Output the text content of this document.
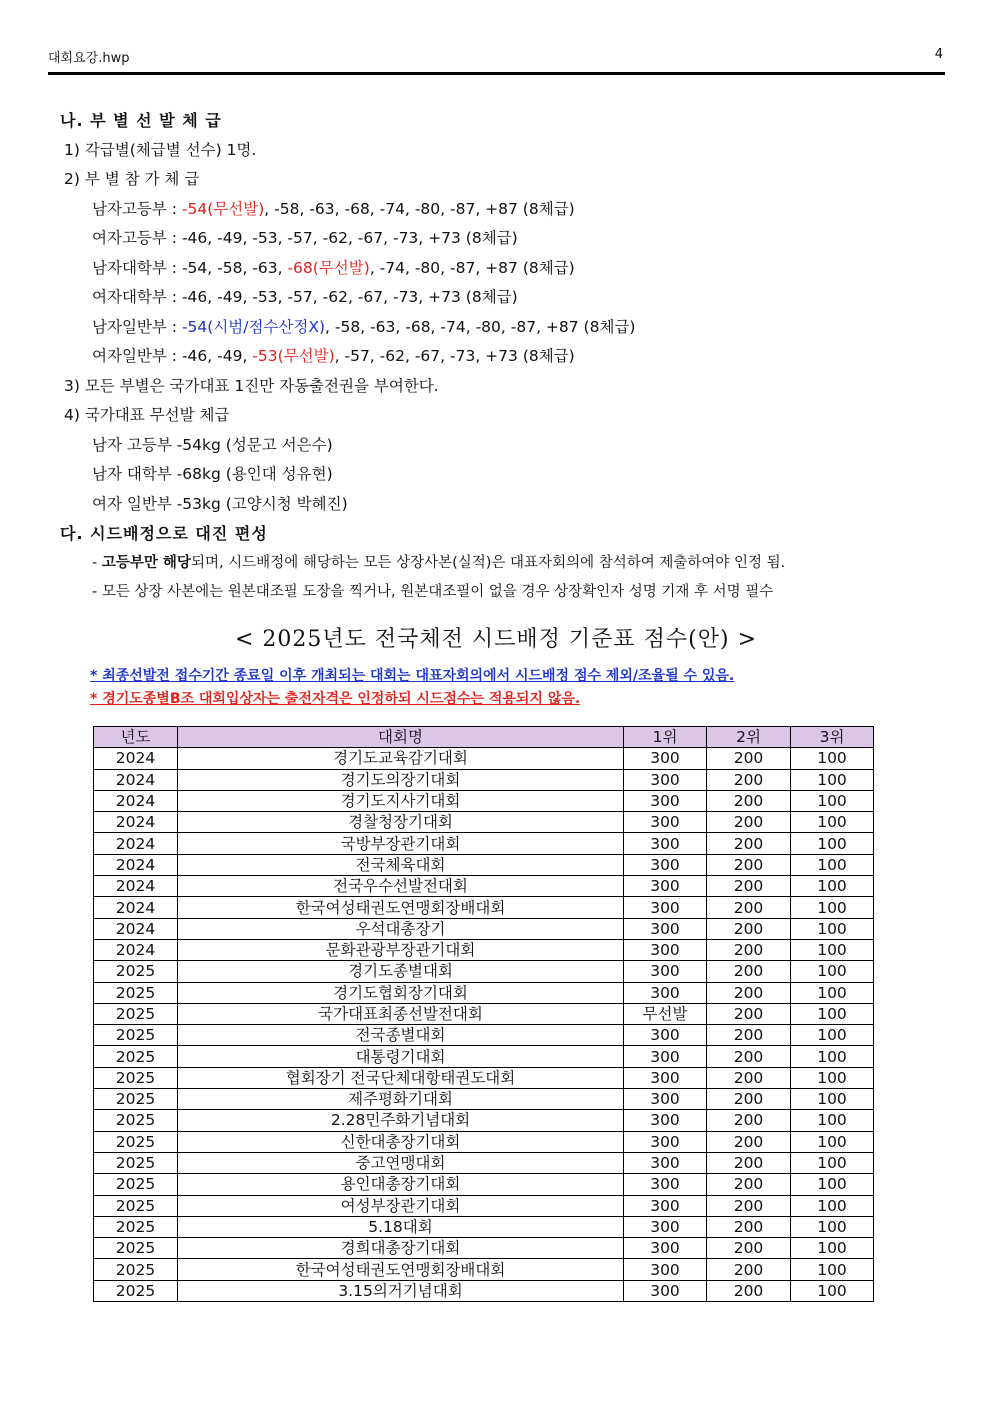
대회요강.hwp	4
나. 부 별 선 발 체 급
1) 각급별(체급별 선수) 1명.
2) 부 별 참 가 체 급
남자고등부 : -54(무선발), -58, -63, -68, -74, -80, -87, +87 (8체급)
여자고등부 : -46, -49, -53, -57, -62, -67, -73, +73 (8체급)
남자대학부 : -54, -58, -63, -68(무선발), -74, -80, -87, +87 (8체급)
여자대학부 : -46, -49, -53, -57, -62, -67, -73, +73 (8체급)
남자일반부 : -54(시범/점수산정X), -58, -63, -68, -74, -80, -87, +87 (8체급)
여자일반부 : -46, -49, -53(무선발), -57, -62, -67, -73, +73 (8체급)
3) 모든 부별은 국가대표 1진만 자동출전권을 부여한다.
4) 국가대표 무선발 체급
남자 고등부 -54kg (성문고 서은수)
남자 대학부 -68kg (용인대 성유현)
여자 일반부 -53kg (고양시청 박혜진)
다. 시드배정으로 대진 편성
- 고등부만 해당되며, 시드배정에 해당하는 모든 상장사본(실적)은 대표자회의에 참석하여 제출하여야 인정 됨.
- 모든 상장 사본에는 원본대조필 도장을 찍거나, 원본대조필이 없을 경우 상장확인자 성명 기재 후 서명 필수
< 2025년도 전국체전 시드배정 기준표 점수(안) >
* 최종선발전 접수기간 종료일 이후 개최되는 대회는 대표자회의에서 시드배정 점수 제외/조율될 수 있음.
* 경기도종별B조 대회입상자는 출전자격은 인정하되 시드점수는 적용되지 않음.
년도	대회명	1위	2위	3위
2024	경기도교육감기대회	300	200	100
2024	경기도의장기대회	300	200	100
2024	경기도지사기대회	300	200	100
2024	경찰청장기대회	300	200	100
2024	국방부장관기대회	300	200	100
2024	전국체육대회	300	200	100
2024	전국우수선발전대회	300	200	100
2024	한국여성태권도연맹회장배대회	300	200	100
2024	우석대총장기	300	200	100
2024	문화관광부장관기대회	300	200	100
2025	경기도종별대회	300	200	100
2025	경기도협회장기대회	300	200	100
2025	국가대표최종선발전대회	무선발	200	100
2025	전국종별대회	300	200	100
2025	대통령기대회	300	200	100
2025	협회장기 전국단체대항태권도대회	300	200	100
2025	제주평화기대회	300	200	100
2025	2.28민주화기념대회	300	200	100
2025	신한대총장기대회	300	200	100
2025	중고연맹대회	300	200	100
2025	용인대총장기대회	300	200	100
2025	여성부장관기대회	300	200	100
2025	5.18대회	300	200	100
2025	경희대총장기대회	300	200	100
2025	한국여성태권도연맹회장배대회	300	200	100
2025	3.15의거기념대회	300	200	100
